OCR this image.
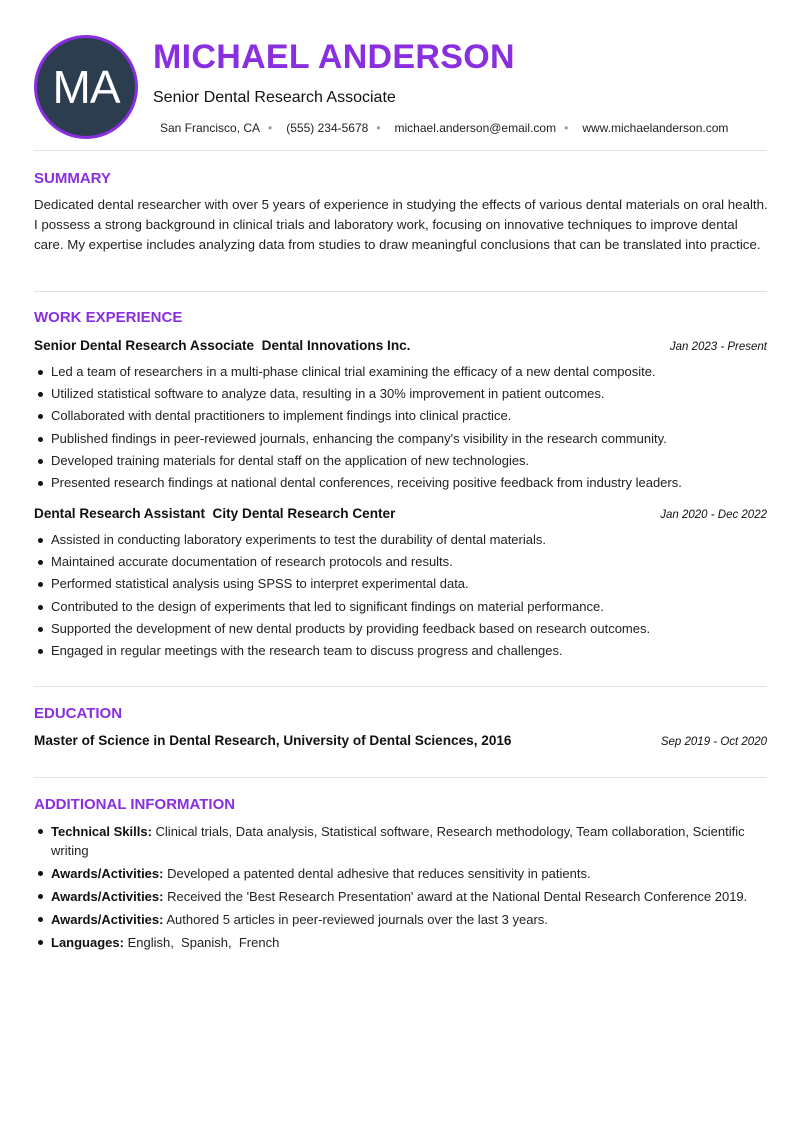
MA
MICHAEL ANDERSON
Senior Dental Research Associate
San Francisco, CA • (555) 234-5678 • michael.anderson@email.com • www.michaelanderson.com
SUMMARY
Dedicated dental researcher with over 5 years of experience in studying the effects of various dental materials on oral health. I possess a strong background in clinical trials and laboratory work, focusing on innovative techniques to improve dental care. My expertise includes analyzing data from studies to draw meaningful conclusions that can be translated into practice.
WORK EXPERIENCE
Senior Dental Research Associate  Dental Innovations Inc.	Jan 2023 - Present
Led a team of researchers in a multi-phase clinical trial examining the efficacy of a new dental composite.
Utilized statistical software to analyze data, resulting in a 30% improvement in patient outcomes.
Collaborated with dental practitioners to implement findings into clinical practice.
Published findings in peer-reviewed journals, enhancing the company's visibility in the research community.
Developed training materials for dental staff on the application of new technologies.
Presented research findings at national dental conferences, receiving positive feedback from industry leaders.
Dental Research Assistant  City Dental Research Center	Jan 2020 - Dec 2022
Assisted in conducting laboratory experiments to test the durability of dental materials.
Maintained accurate documentation of research protocols and results.
Performed statistical analysis using SPSS to interpret experimental data.
Contributed to the design of experiments that led to significant findings on material performance.
Supported the development of new dental products by providing feedback based on research outcomes.
Engaged in regular meetings with the research team to discuss progress and challenges.
EDUCATION
Master of Science in Dental Research, University of Dental Sciences, 2016	Sep 2019 - Oct 2020
ADDITIONAL INFORMATION
Technical Skills: Clinical trials, Data analysis, Statistical software, Research methodology, Team collaboration, Scientific writing
Awards/Activities: Developed a patented dental adhesive that reduces sensitivity in patients.
Awards/Activities: Received the 'Best Research Presentation' award at the National Dental Research Conference 2019.
Awards/Activities: Authored 5 articles in peer-reviewed journals over the last 3 years.
Languages: English,  Spanish,  French
